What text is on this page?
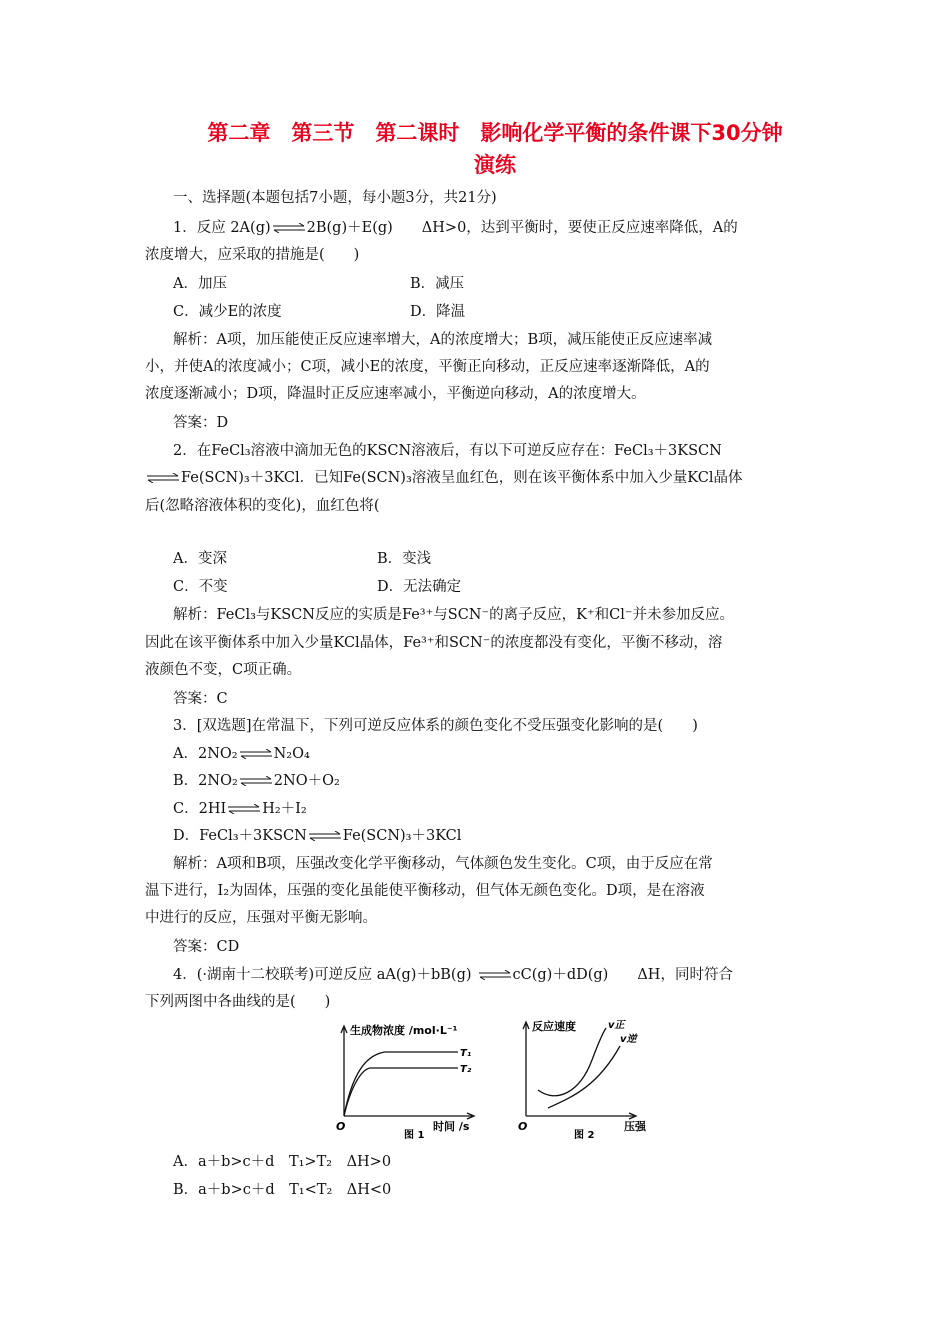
第二章　第三节　第二课时　影响化学平衡的条件课下30分钟
演练
一、选择题(本题包括7小题，每小题3分，共21分)
1．反应 2A(g)⇌2B(g)＋E(g)　　ΔH>0，达到平衡时，要使正反应速率降低，A的
浓度增大，应采取的措施是(　　)
A．加压	B．减压
C．减少E的浓度	D．降温
解析：A项，加压能使正反应速率增大，A的浓度增大；B项，减压能使正反应速率减
小，并使A的浓度减小；C项，减小E的浓度，平衡正向移动，正反应速率逐渐降低，A的
浓度逐渐减小；D项，降温时正反应速率减小，平衡逆向移动，A的浓度增大。
答案：D
2．在FeCl₃溶液中滴加无色的KSCN溶液后，有以下可逆反应存在：FeCl₃＋3KSCN
⇌Fe(SCN)₃＋3KCl．已知Fe(SCN)₃溶液呈血红色，则在该平衡体系中加入少量KCl晶体
后(忽略溶液体积的变化)，血红色将(
A．变深	B．变浅
C．不变	D．无法确定
解析：FeCl₃与KSCN反应的实质是Fe³⁺与SCN⁻的离子反应，K⁺和Cl⁻并未参加反应。
因此在该平衡体系中加入少量KCl晶体，Fe³⁺和SCN⁻的浓度都没有变化，平衡不移动，溶
液颜色不变，C项正确。
答案：C
3．[双选题]在常温下，下列可逆反应体系的颜色变化不受压强变化影响的是(　　)
A．2NO₂⇌N₂O₄
B．2NO₂⇌2NO＋O₂
C．2HI⇌H₂＋I₂
D．FeCl₃＋3KSCN⇌Fe(SCN)₃＋3KCl
解析：A项和B项，压强改变化学平衡移动，气体颜色发生变化。C项，由于反应在常
温下进行，I₂为固体，压强的变化虽能使平衡移动，但气体无颜色变化。D项，是在溶液
中进行的反应，压强对平衡无影响。
答案：CD
4．(·湖南十二校联考)可逆反应 aA(g)＋bB(g) ⇌cC(g)＋dD(g)　　ΔH，同时符合
下列两图中各曲线的是(　　)
生成物浓度 /mol·L⁻¹
T₁
T₂
O	时间 /s
图 1
反应速度	v正
v逆
O	压强
图 2
A．a＋b>c＋d　T₁>T₂　ΔH>0
B．a＋b>c＋d　T₁<T₂　ΔH<0
